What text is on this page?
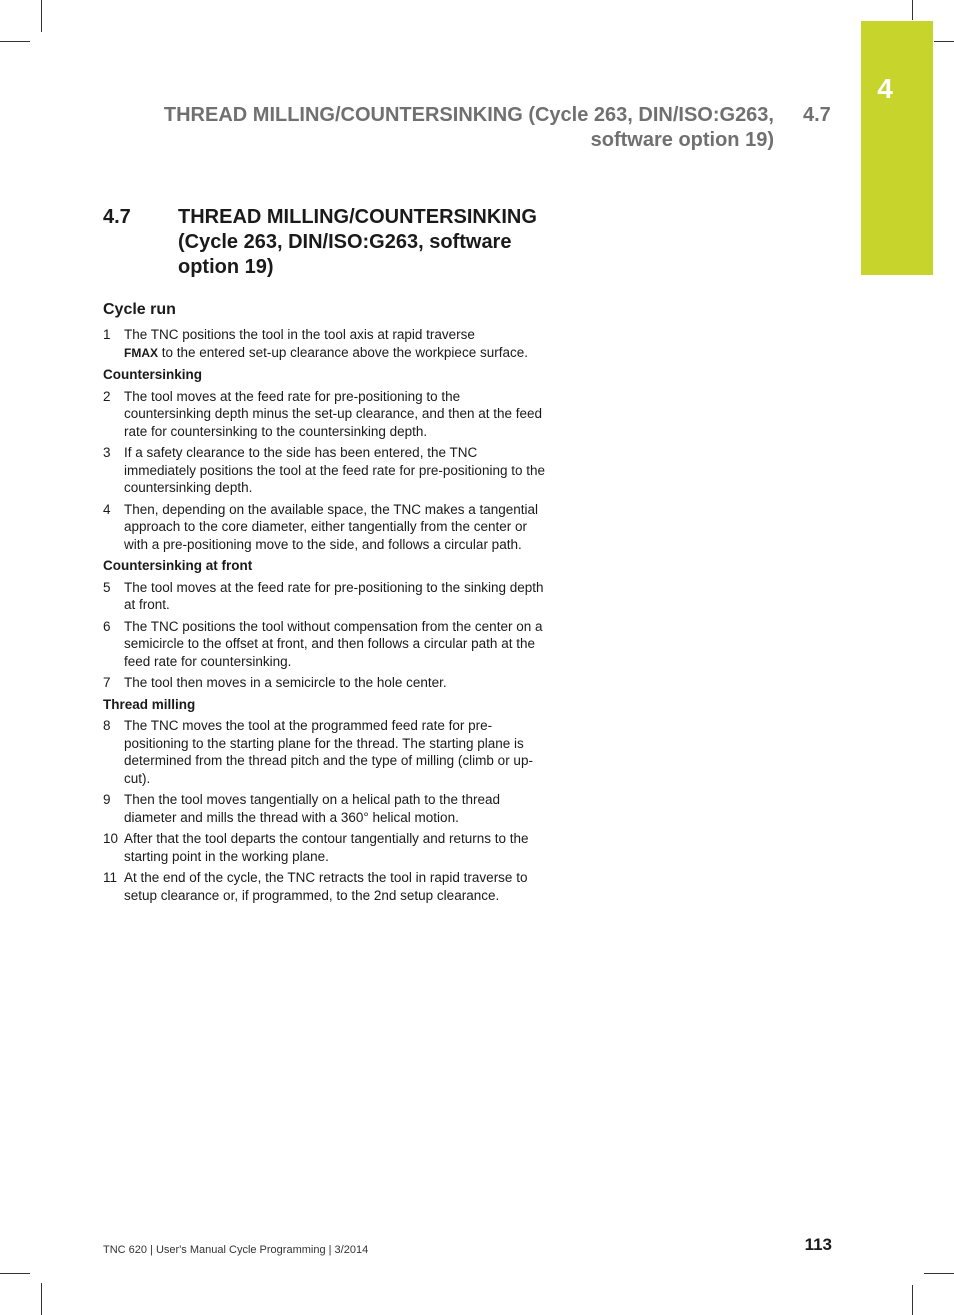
4
THREAD MILLING/COUNTERSINKING (Cycle 263, DIN/ISO:G263,
software option 19)
4.7
4.7 THREAD MILLING/COUNTERSINKING
(Cycle 263, DIN/ISO:G263, software
option 19)
Cycle run
1 The TNC positions the tool in the tool axis at rapid traverse
FMAX to the entered set-up clearance above the workpiece surface.
Countersinking
2 The tool moves at the feed rate for pre-positioning to the countersinking depth minus the set-up clearance, and then at the feed rate for countersinking to the countersinking depth.
3 If a safety clearance to the side has been entered, the TNC immediately positions the tool at the feed rate for pre-positioning to the countersinking depth.
4 Then, depending on the available space, the TNC makes a tangential approach to the core diameter, either tangentially from the center or with a pre-positioning move to the side, and follows a circular path.
Countersinking at front
5 The tool moves at the feed rate for pre-positioning to the sinking depth at front.
6 The TNC positions the tool without compensation from the center on a semicircle to the offset at front, and then follows a circular path at the feed rate for countersinking.
7 The tool then moves in a semicircle to the hole center.
Thread milling
8 The TNC moves the tool at the programmed feed rate for pre-positioning to the starting plane for the thread. The starting plane is determined from the thread pitch and the type of milling (climb or up-cut).
9 Then the tool moves tangentially on a helical path to the thread diameter and mills the thread with a 360° helical motion.
10 After that the tool departs the contour tangentially and returns to the starting point in the working plane.
11 At the end of the cycle, the TNC retracts the tool in rapid traverse to setup clearance or, if programmed, to the 2nd setup clearance.
TNC 620 | User's Manual Cycle Programming | 3/2014	113
